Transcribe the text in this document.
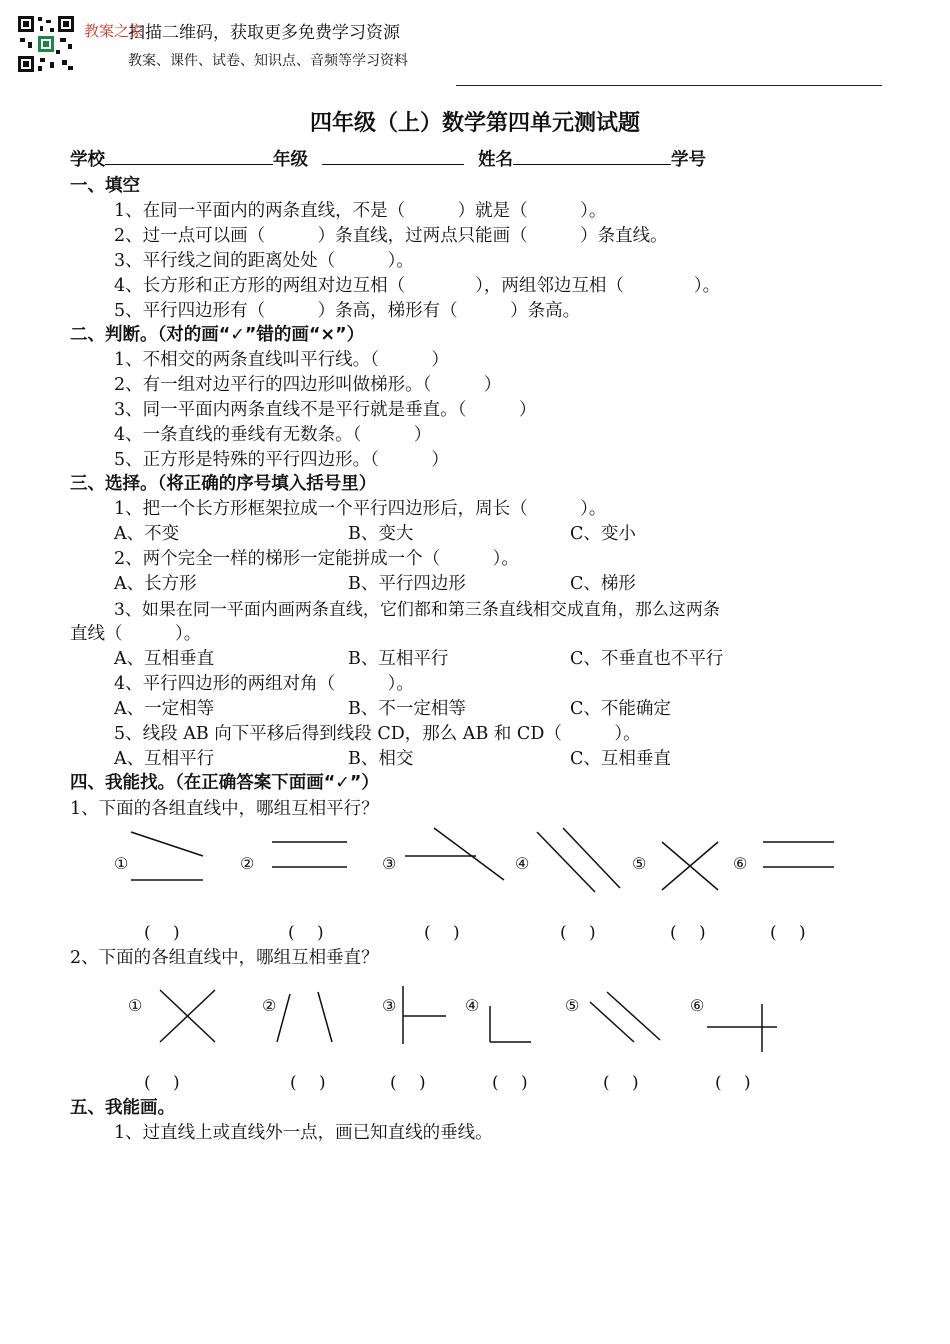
教案之家
扫描二维码，获取更多免费学习资源
教案、课件、试卷、知识点、音频等学习资料
四年级（上）数学第四单元测试题
学校	年级	姓名	学号
一、填空
1、在同一平面内的两条直线，不是（　　　）就是（　　　）。
2、过一点可以画（　　　）条直线，过两点只能画（　　　）条直线。
3、平行线之间的距离处处（　　　）。
4、长方形和正方形的两组对边互相（　　　　），两组邻边互相（　　　　）。
5、平行四边形有（　　　）条高，梯形有（　　　）条高。
二、判断。（对的画“✓”错的画“×”）
1、不相交的两条直线叫平行线。（　　　）
2、有一组对边平行的四边形叫做梯形。（　　　）
3、同一平面内两条直线不是平行就是垂直。（　　　）
4、一条直线的垂线有无数条。（　　　）
5、正方形是特殊的平行四边形。（　　　）
三、选择。（将正确的序号填入括号里）
1、把一个长方形框架拉成一个平行四边形后，周长（　　　）。
A、不变	B、变大	C、变小
2、两个完全一样的梯形一定能拼成一个（　　　）。
A、长方形	B、平行四边形	C、梯形
3、如果在同一平面内画两条直线，它们都和第三条直线相交成直角，那么这两条
直线（　　　）。
A、互相垂直	B、互相平行	C、不垂直也不平行
4、平行四边形的两组对角（　　　）。
A、一定相等	B、不一定相等	C、不能确定
5、线段 AB 向下平移后得到线段 CD，那么 AB 和 CD（　　　）。
A、互相平行	B、相交	C、互相垂直
四、我能找。（在正确答案下面画“✓”）
1、下面的各组直线中，哪组互相平行？
①	②	③	④	⑤	⑥
(　 )	(　 )	(　 )	(　 )	(　 )	(　 )
2、下面的各组直线中，哪组互相垂直？
①	②	③	④	⑤	⑥
(　 )	(　 )	(　 )	(　 )	(　 )	(　 )
五、我能画。
1、过直线上或直线外一点，画已知直线的垂线。
